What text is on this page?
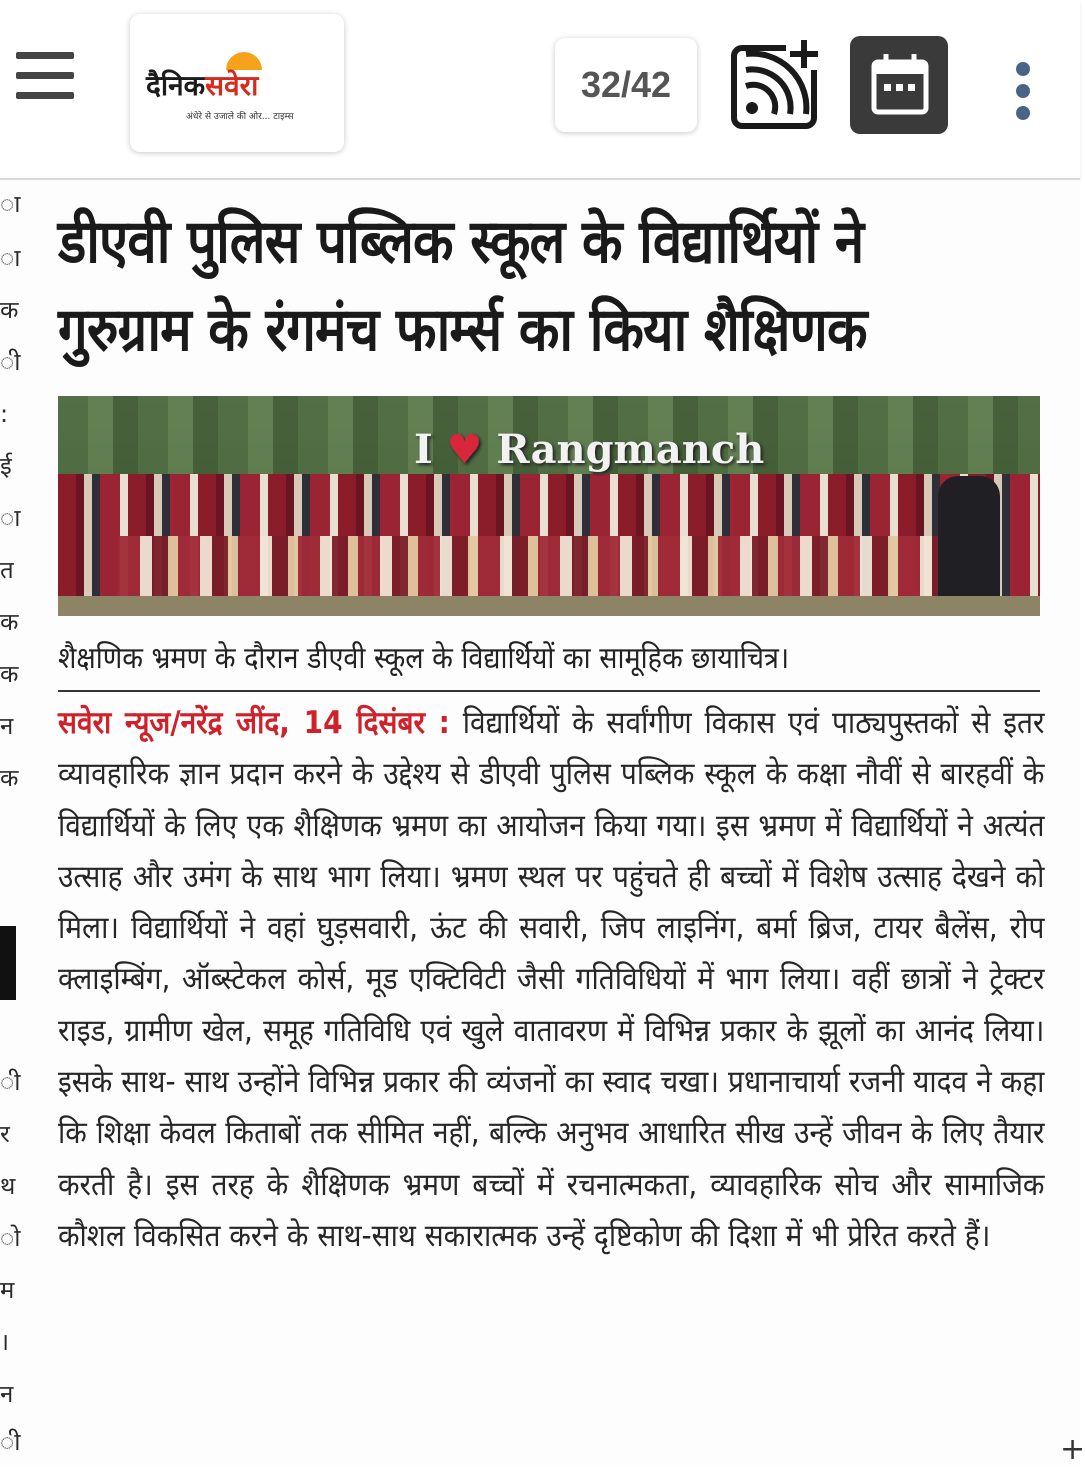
दैनिकसवेरा
अंधेरे से उजाले की ओर... टाइम्स
32/42
ा
ा
क
ी
:
ई
ा
त
क
क
न
क
ी
र
थ
ो
म
।
न
ी
डीएवी पुलिस पब्लिक स्कूल के विद्यार्थियों ने गुरुग्राम के रंगमंच फार्म्स का किया शैक्षिणक
I ♥ Rangmanch

शैक्षणिक भ्रमण के दौरान डीएवी स्कूल के विद्यार्थियों का सामूहिक छायाचित्र।

सवेरा न्यूज/नरेंद्र जींद, 14 दिसंबर : विद्यार्थियों के सर्वांगीण विकास एवं पाठ्यपुस्तकों से इतर व्यावहारिक ज्ञान प्रदान करने के उद्देश्य से डीएवी पुलिस पब्लिक स्कूल के कक्षा नौवीं से बारहवीं के विद्यार्थियों के लिए एक शैक्षिणक भ्रमण का आयोजन किया गया। इस भ्रमण में विद्यार्थियों ने अत्यंत उत्साह और उमंग के साथ भाग लिया। भ्रमण स्थल पर पहुंचते ही बच्चों में विशेष उत्साह देखने को मिला। विद्यार्थियों ने वहां घुड़सवारी, ऊंट की सवारी, जिप लाइनिंग, बर्मा ब्रिज, टायर बैलेंस, रोप क्लाइम्बिंग, ऑब्स्टेकल कोर्स, मूड एक्टिविटी जैसी गतिविधियों में भाग लिया। वहीं छात्रों ने ट्रेक्टर राइड, ग्रामीण खेल, समूह गतिविधि एवं खुले वातावरण में विभिन्न प्रकार के झूलों का आनंद लिया। इसके साथ- साथ उन्होंने विभिन्न प्रकार की व्यंजनों का स्वाद चखा। प्रधानाचार्या रजनी यादव ने कहा कि शिक्षा केवल किताबों तक सीमित नहीं, बल्कि अनुभव आधारित सीख उन्हें जीवन के लिए तैयार करती है। इस तरह के शैक्षिणक भ्रमण बच्चों में रचनात्मकता, व्यावहारिक सोच और सामाजिक कौशल विकसित करने के साथ-साथ सकारात्मक उन्हें दृष्टिकोण की दिशा में भी प्रेरित करते हैं।

+
